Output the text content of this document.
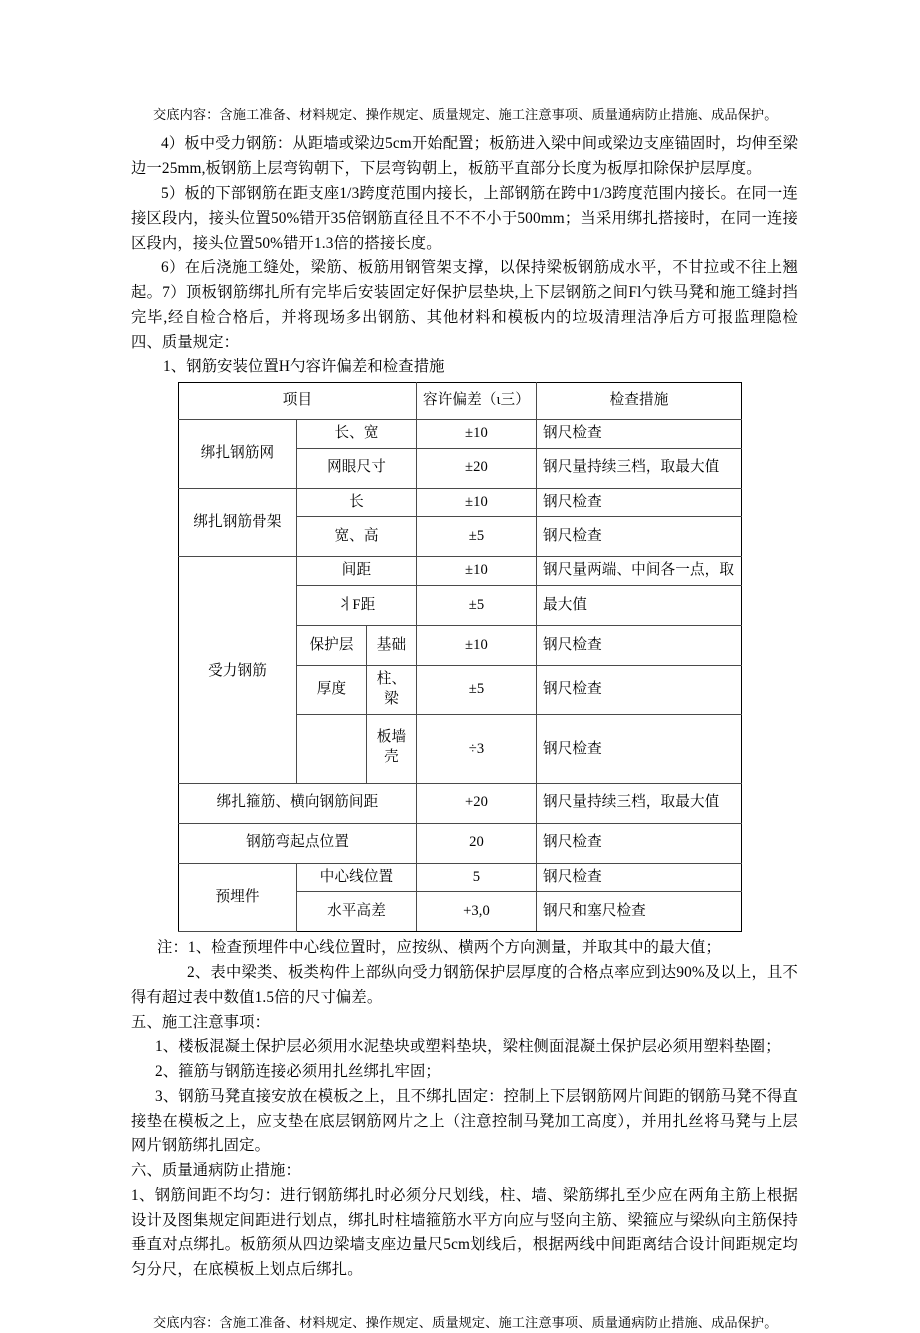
交底内容：含施工准备、材料规定、操作规定、质量规定、施工注意事项、质量通病防止措施、成品保护。

4）板中受力钢筋：从距墙或梁边5cm开始配置；板筋进入梁中间或梁边支座锚固时，均伸至梁边一25mm,板钢筋上层弯钩朝下，下层弯钩朝上，板筋平直部分长度为板厚扣除保护层厚度。

5）板的下部钢筋在距支座1/3跨度范围内接长，上部钢筋在跨中1/3跨度范围内接长。在同一连接区段内，接头位置50%错开35倍钢筋直径且不不不小于500mm；当采用绑扎搭接时，在同一连接区段内，接头位置50%错开1.3倍的搭接长度。

6）在后浇施工缝处，梁筋、板筋用钢管架支撑，以保持梁板钢筋成水平，不甘拉或不往上翘起。7）顶板钢筋绑扎所有完毕后安装固定好保护层垫块,上下层钢筋之间Fl勺铁马凳和施工缝封挡完毕,经自检合格后，并将现场多出钢筋、其他材料和模板内的垃圾清理洁净后方可报监理隐检四、质量规定：

1、钢筋安装位置H勺容许偏差和检查措施

项目			容许偏差（ι三）	检查措施
绑扎钢筋网	长、宽		±10	钢尺检查
	网眼尺寸		±20	钢尺量持续三档，取最大值
绑扎钢筋骨架	长		±10	钢尺检查
	宽、高		±5	钢尺检查
受力钢筋	间距		±10	钢尺量两端、中间各一点，取
	丬F距		±5	最大值
	保护层	基础	±10	钢尺检查
	厚度	柱、梁	±5	钢尺检查
		板墙壳	÷3	钢尺检查
绑扎箍筋、横向钢筋间距			+20	钢尺量持续三档，取最大值
钢筋弯起点位置			20	钢尺检查
预埋件	中心线位置		5	钢尺检查
	水平高差		+3,0	钢尺和塞尺检查

注：1、检查预埋件中心线位置时，应按纵、横两个方向测量，并取其中的最大值；

2、表中梁类、板类构件上部纵向受力钢筋保护层厚度的合格点率应到达90%及以上，且不得有超过表中数值1.5倍的尺寸偏差。

五、施工注意事项：

1、楼板混凝土保护层必须用水泥垫块或塑料垫块，梁柱侧面混凝土保护层必须用塑料垫圈；

2、箍筋与钢筋连接必须用扎丝绑扎牢固；

3、钢筋马凳直接安放在模板之上，且不绑扎固定：控制上下层钢筋网片间距的钢筋马凳不得直接垫在模板之上，应支垫在底层钢筋网片之上（注意控制马凳加工高度），并用扎丝将马凳与上层网片钢筋绑扎固定。

六、质量通病防止措施：

1、钢筋间距不均匀：进行钢筋绑扎时必须分尺划线，柱、墙、梁筋绑扎至少应在两角主筋上根据设计及图集规定间距进行划点，绑扎时柱墙箍筋水平方向应与竖向主筋、梁箍应与梁纵向主筋保持垂直对点绑扎。板筋须从四边梁墙支座边量尺5cm划线后，根据两线中间距离结合设计间距规定均匀分尺，在底模板上划点后绑扎。

交底内容：含施工准备、材料规定、操作规定、质量规定、施工注意事项、质量通病防止措施、成品保护。
